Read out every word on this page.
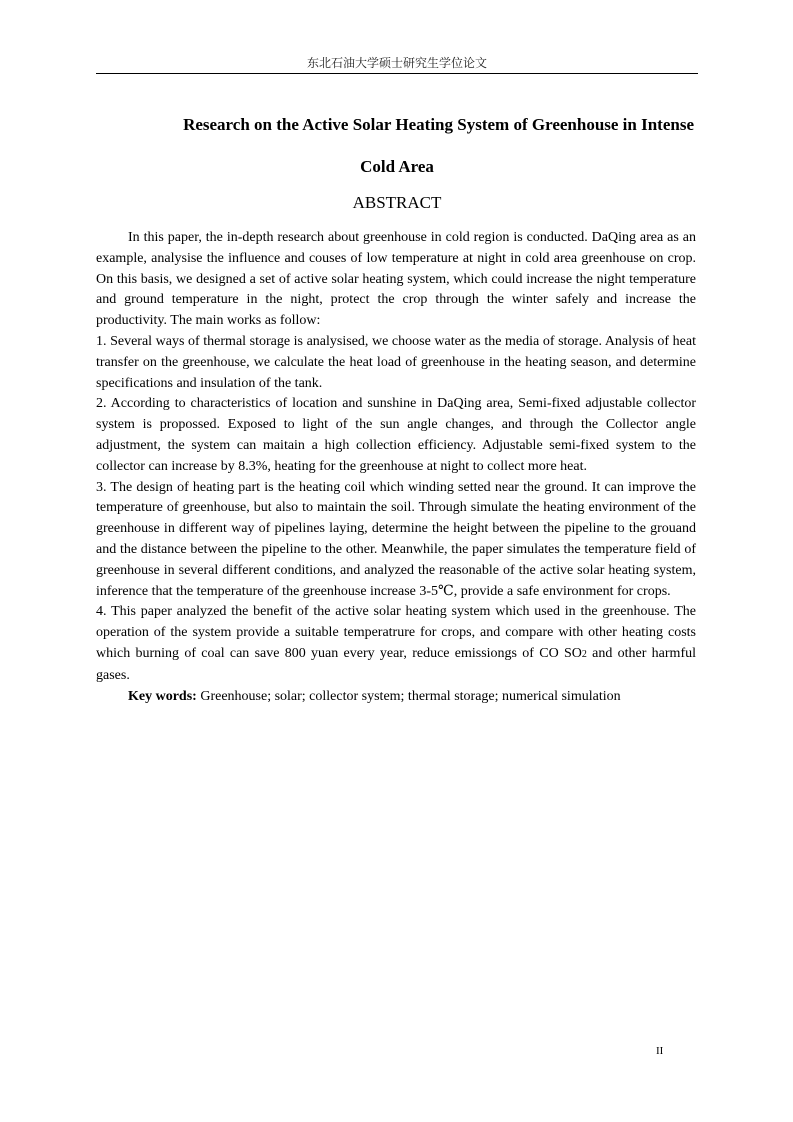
东北石油大学硕士研究生学位论文
Research on the Active Solar Heating System of Greenhouse in Intense
Cold Area
ABSTRACT

In this paper, the in-depth research about greenhouse in cold region is conducted. DaQing area as an example, analysise the influence and couses of low temperature at night in cold area greenhouse on crop. On this basis, we designed a set of active solar heating system, which could increase the night temperature and ground temperature in the night, protect the crop through the winter safely and increase the productivity. The main works as follow:

1. Several ways of thermal storage is analysised, we choose water as the media of storage. Analysis of heat transfer on the greenhouse, we calculate the heat load of greenhouse in the heating season, and determine specifications and insulation of the tank.

2. According to characteristics of location and sunshine in DaQing area, Semi-fixed adjustable collector system is propossed. Exposed to light of the sun angle changes, and through the Collector angle adjustment, the system can maitain a high collection efficiency. Adjustable semi-fixed system to the collector can increase by 8.3%, heating for the greenhouse at night to collect more heat.

3. The design of heating part is the heating coil which winding setted near the ground. It can improve the temperature of greenhouse, but also to maintain the soil. Through simulate the heating environment of the greenhouse in different way of pipelines laying, determine the height between the pipeline to the grouand and the distance between the pipeline to the other. Meanwhile, the paper simulates the temperature field of greenhouse in several different conditions, and analyzed the reasonable of the active solar heating system, inference that the temperature of the greenhouse increase 3-5℃, provide a safe environment for crops.

4. This paper analyzed the benefit of the active solar heating system which used in the greenhouse. The operation of the system provide a suitable temperatrure for crops, and compare with other heating costs which burning of coal can save 800 yuan every year, reduce emissiongs of CO SO2 and other harmful gases.

Key words: Greenhouse; solar; collector system; thermal storage; numerical simulation

II
